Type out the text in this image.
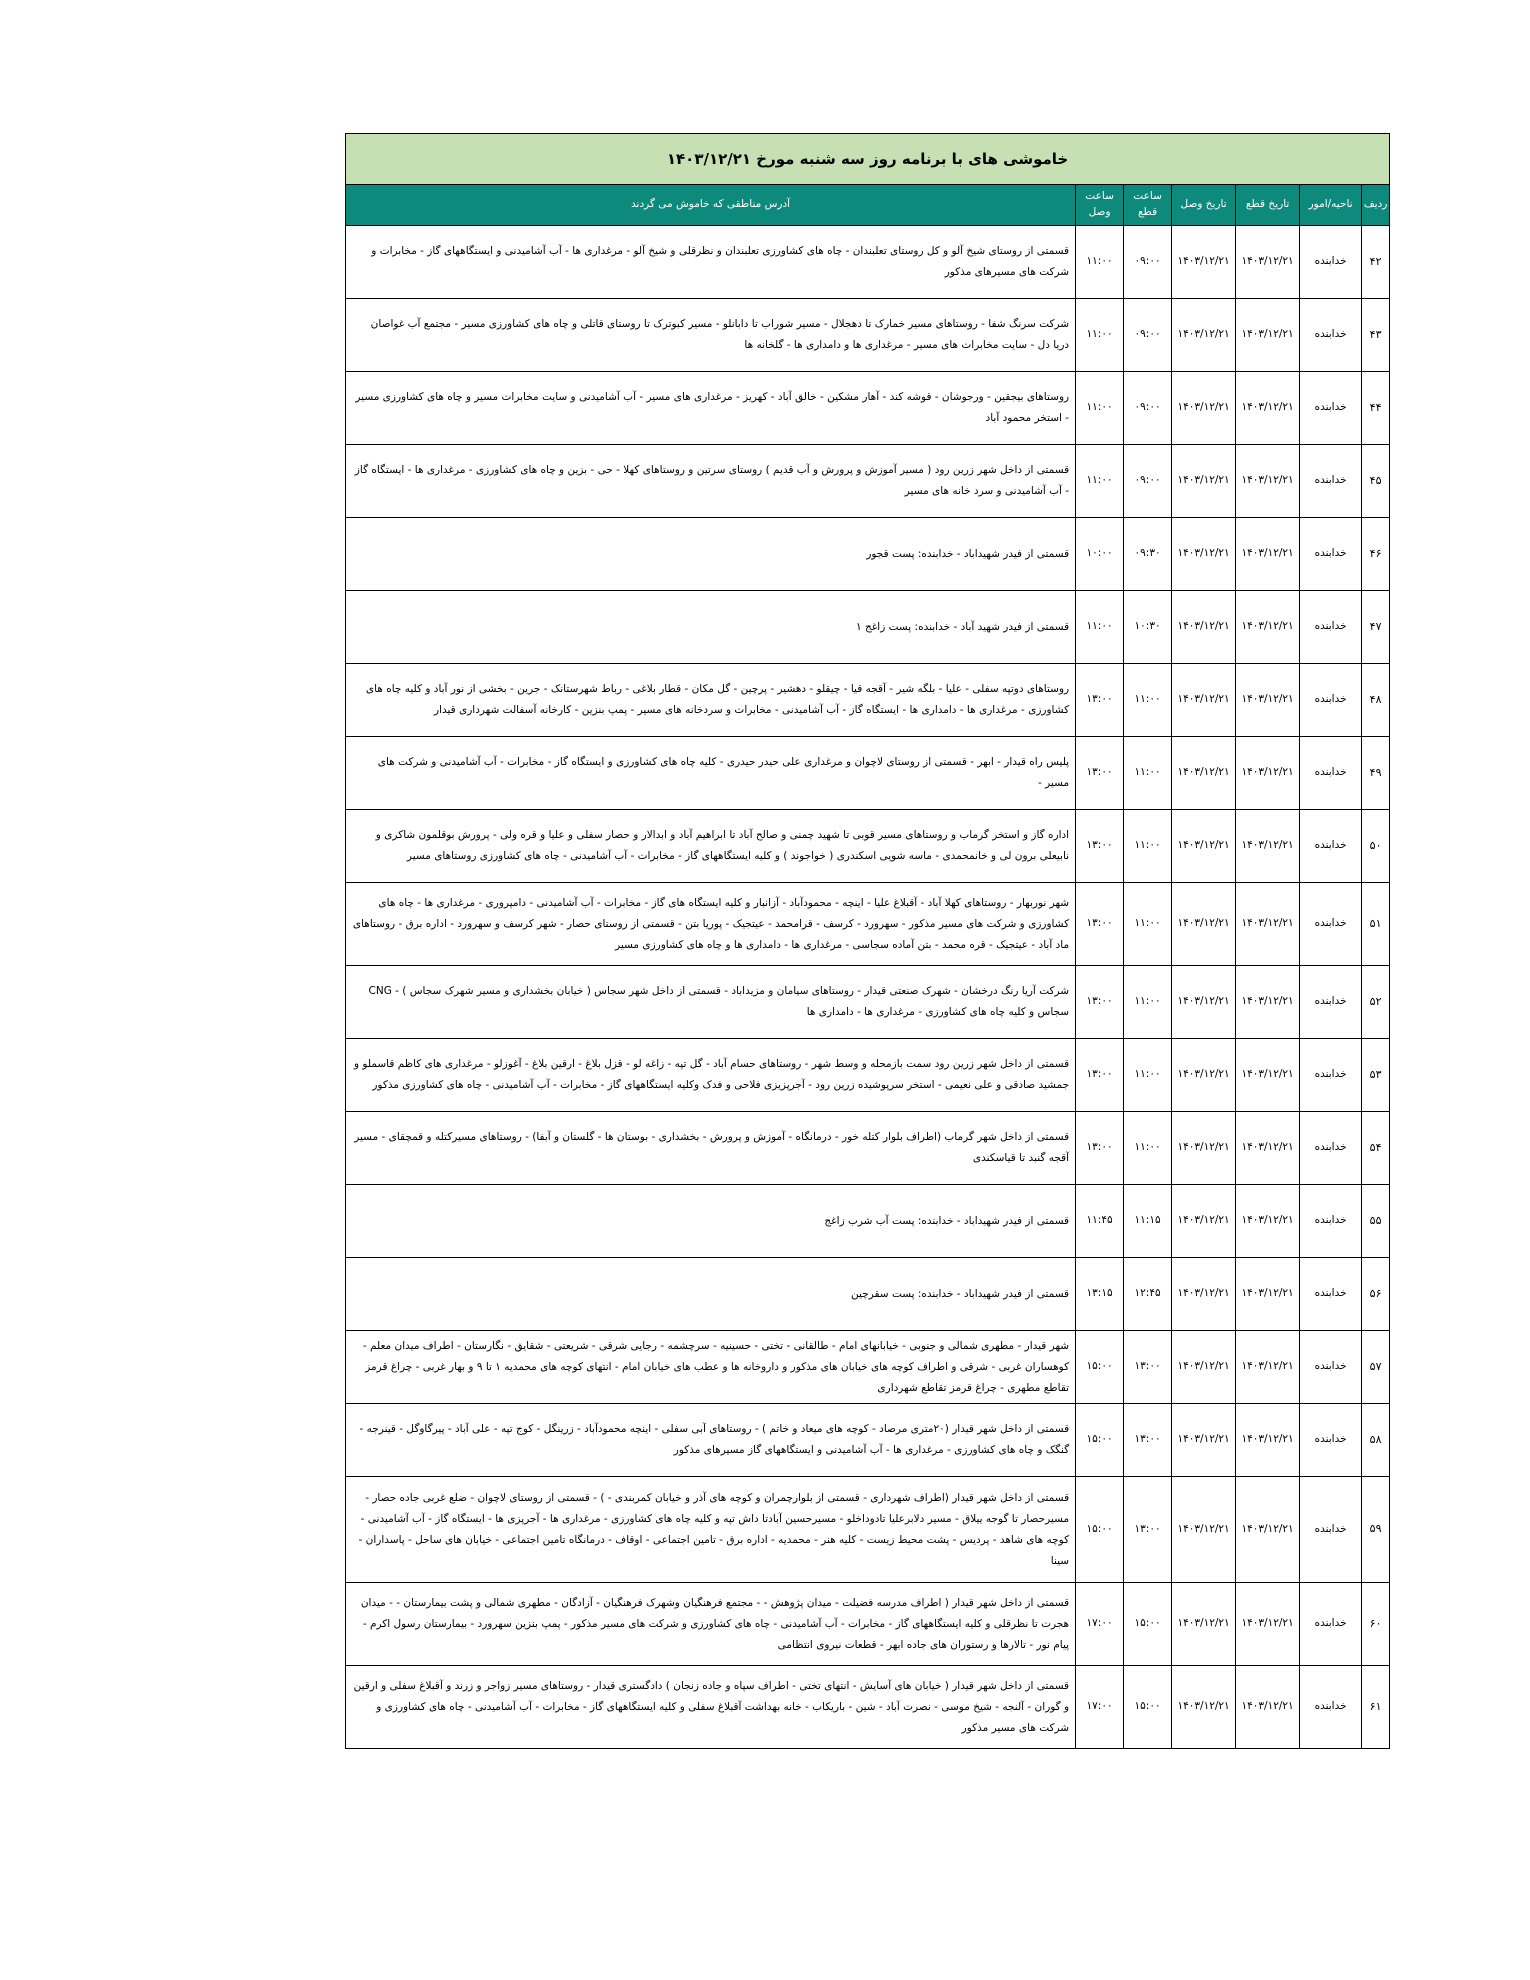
خاموشی های با برنامه روز سه شنبه مورخ ۱۴۰۳/۱۲/۲۱						
ردیف	ناحیه/امور	تاریخ قطع	تاریخ وصل	ساعت قطع	ساعت وصل	آدرس مناطقی که خاموش می گردند
۴۲	خدابنده	۱۴۰۳/۱۲/۲۱	۱۴۰۳/۱۲/۲۱	۰۹:۰۰	۱۱:۰۰	قسمتی از روستای شیخ آلو و کل روستای تعلبندان - چاه های کشاورزی تعلبندان و نظرقلی و شیخ آلو - مرغداری ها - آب آشامیدنی و ایستگاههای گاز - مخابرات و شرکت های مسیرهای مذکور
۴۳	خدابنده	۱۴۰۳/۱۲/۲۱	۱۴۰۳/۱۲/۲۱	۰۹:۰۰	۱۱:۰۰	شرکت سرنگ شفا - روستاهای مسیر خمارک تا دهجلال - مسیر شوراب تا دابانلو - مسیر کبوترک تا روستای قاتلی و چاه های کشاورزی مسیر - مجتمع آب غواصان دریا دل - سایت مخابرات های مسیر - مرغداری ها و دامداری ها - گلخانه ها
۴۴	خدابنده	۱۴۰۳/۱۲/۲۱	۱۴۰۳/۱۲/۲۱	۰۹:۰۰	۱۱:۰۰	روستاهای بیجقین - ورجوشان - قوشه کند - آهار مشکین - خالق آباد - کهریز - مرغداری های مسیر - آب آشامیدنی و سایت مخابرات مسیر و چاه های کشاورزی مسیر - استخر محمود آباد
۴۵	خدابنده	۱۴۰۳/۱۲/۲۱	۱۴۰۳/۱۲/۲۱	۰۹:۰۰	۱۱:۰۰	قسمتی از داخل شهر زرین رود ( مسیر آموزش و پرورش و آب قدیم ) روستای سرتین و روستاهای کهلا - حی - بزین و چاه های کشاورزی - مرغداری ها - ایستگاه گاز - آب آشامیدنی و سرد خانه های مسیر
۴۶	خدابنده	۱۴۰۳/۱۲/۲۱	۱۴۰۳/۱۲/۲۱	۰۹:۳۰	۱۰:۰۰	قسمتی از فیدر شهیداباد - خدابنده: پست قجور
۴۷	خدابنده	۱۴۰۳/۱۲/۲۱	۱۴۰۳/۱۲/۲۱	۱۰:۳۰	۱۱:۰۰	قسمتی از فیدر شهید آباد - خدابنده: پست زاغج ۱
۴۸	خدابنده	۱۴۰۳/۱۲/۲۱	۱۴۰۳/۱۲/۲۱	۱۱:۰۰	۱۳:۰۰	روستاهای دوتپه سفلی - علیا - بلگه شیر - آقجه قیا - چیقلو - دهشیر - پرچین - گل مکان - قطار بلاغی - رباط شهرستانک - جرین - بخشی از نور آباد و کلیه چاه های کشاورزی - مرغداری ها - دامداری ها - ایستگاه گاز - آب آشامیدنی - مخابرات و سردخانه های مسیر - پمپ بنزین - کارخانه آسفالت شهرداری قیدار
۴۹	خدابنده	۱۴۰۳/۱۲/۲۱	۱۴۰۳/۱۲/۲۱	۱۱:۰۰	۱۳:۰۰	پلیس راه قیدار - ابهر - قسمتی از روستای لاچوان و مرغداری علی حیدر حیدری - کلیه چاه های کشاورزی و ایستگاه گاز - مخابرات - آب آشامیدنی و شرکت های مسیر -
۵۰	خدابنده	۱۴۰۳/۱۲/۲۱	۱۴۰۳/۱۲/۲۱	۱۱:۰۰	۱۳:۰۰	اداره گاز و استخر گرماب و روستاهای مسیر قوبی تا شهید چمنی و صالح آباد تا ابراهیم آباد و ابدالار و حصار سفلی و علیا و قره ولی - پرورش بوقلمون شاکری و نابیعلی برون لی و خانمحمدی - ماسه شویی اسکندری ( خواجوند ) و کلیه ایستگاههای گاز - مخابرات - آب آشامیدنی - چاه های کشاورزی روستاهای مسیر
۵۱	خدابنده	۱۴۰۳/۱۲/۲۱	۱۴۰۳/۱۲/۲۱	۱۱:۰۰	۱۳:۰۰	شهر نوربهار - روستاهای کهلا آباد - آقبلاغ علیا - اینچه - محمودآباد - آزانبار و کلیه ایستگاه های گاز - مخابرات - آب آشامیدنی - دامپروری - مرغداری ها - چاه های کشاورزی و شرکت های مسیر مذکور - سهرورد - کرسف - قرامحمد - عیتجیک - پوریا بتن - قسمتی از روستای حصار - شهر کرسف و سهرورد - اداره برق - روستاهای ماد آباد - عیتجیک - قره محمد - بتن آماده سجاسی - مرغداری ها - دامداری ها و چاه های کشاورزی مسیر
۵۲	خدابنده	۱۴۰۳/۱۲/۲۱	۱۴۰۳/۱۲/۲۱	۱۱:۰۰	۱۳:۰۰	شرکت آریا رنگ درخشان - شهرک صنعتی قیدار - روستاهای سیامان و مزیداباد - قسمتی از داخل شهر سجاس ( خیابان بخشداری و مسیر شهرک سجاس ) - CNG سجاس و کلیه چاه های کشاورزی - مرغداری ها - دامداری ها
۵۳	خدابنده	۱۴۰۳/۱۲/۲۱	۱۴۰۳/۱۲/۲۱	۱۱:۰۰	۱۳:۰۰	قسمتی از داخل شهر زرین رود سمت بازمحله و وسط شهر - روستاهای حسام آباد - گل تپه - زاغه لو - قزل بلاغ - ارقین بلاغ - آغوزلو - مرغداری های کاظم قاسملو و جمشید صادقی و علی نعیمی - استخر سرپوشیده زرین رود - آجرپزیزی فلاحی و فدک وکلیه ایستگاههای گاز - مخابرات - آب آشامیدنی - چاه های کشاورزی مذکور
۵۴	خدابنده	۱۴۰۳/۱۲/۲۱	۱۴۰۳/۱۲/۲۱	۱۱:۰۰	۱۳:۰۰	قسمتی از داخل شهر گرماب (اطراف بلوار کتله خور - درمانگاه - آموزش و پرورش - بخشداری - بوستان ها - گلستان و آبفا) - روستاهای مسیرکتله و قمچقای - مسیر آقجه گنبد تا قیاسکندی
۵۵	خدابنده	۱۴۰۳/۱۲/۲۱	۱۴۰۳/۱۲/۲۱	۱۱:۱۵	۱۱:۴۵	قسمتی از فیدر شهیداباد - خدابنده: پست آب شرب زاغج
۵۶	خدابنده	۱۴۰۳/۱۲/۲۱	۱۴۰۳/۱۲/۲۱	۱۲:۴۵	۱۳:۱۵	قسمتی از فیدر شهیداباد - خدابنده: پست سقرچین
۵۷	خدابنده	۱۴۰۳/۱۲/۲۱	۱۴۰۳/۱۲/۲۱	۱۳:۰۰	۱۵:۰۰	شهر قیدار - مطهری شمالی و جنوبی - خیابانهای امام - طالقانی - تختی - حسینیه - سرچشمه - رجایی شرقی - شریعتی - شقایق - نگارستان - اطراف میدان معلم - کوهساران غربی - شرقی و اطراف کوچه های خیابان های مذکور و داروخانه ها و عطب های خیابان امام - انتهای کوچه های محمدیه ۱ تا ۹ و بهار غربی - چراغ قرمز تقاطع مطهری - چراغ قرمز تقاطع شهرداری
۵۸	خدابنده	۱۴۰۳/۱۲/۲۱	۱۴۰۳/۱۲/۲۱	۱۳:۰۰	۱۵:۰۰	قسمتی از داخل شهر قیدار (۲۰متری مرصاد - کوچه های میعاد و خاتم ) - روستاهای آبی سفلی - اینچه محمودآباد - زرینگل - کوج تپه - علی آباد - پیرگاوگل - قینرجه - گنگک و چاه های کشاورزی - مرغداری ها - آب آشامیدنی و ایستگاههای گاز مسیرهای مذکور
۵۹	خدابنده	۱۴۰۳/۱۲/۲۱	۱۴۰۳/۱۲/۲۱	۱۳:۰۰	۱۵:۰۰	قسمتی از داخل شهر قیدار (اطراف شهرداری - قسمتی از بلوارچمران و کوچه های آذر و خیابان کمربندی - ) - قسمتی از روستای لاچوان - ضلع غربی جاده حصار - مسیرحصار تا گوجه ییلاق - مسیر دلابرعلیا تادوداخلو - مسیرحسین آبادتا داش تپه و کلیه چاه های کشاورزی - مرغداری ها - آجرپزی ها - ایستگاه گاز - آب آشامیدنی - کوچه های شاهد - پردیس - پشت محیط زیست - کلیه هنر - محمدیه - اداره برق - تامین اجتماعی - اوقاف - درمانگاه تامین اجتماعی - خیابان های ساحل - پاسداران - سینا
۶۰	خدابنده	۱۴۰۳/۱۲/۲۱	۱۴۰۳/۱۲/۲۱	۱۵:۰۰	۱۷:۰۰	قسمتی از داخل شهر قیدار ( اطراف مدرسه فضیلت - میدان پژوهش - - مجتمع فرهنگیان وشهرک فرهنگیان - آزادگان - مطهری شمالی و پشت بیمارستان - - میدان هجرت تا نظرقلی و کلیه ایستگاههای گاز - مخابرات - آب آشامیدنی - چاه های کشاورزی و شرکت های مسیر مذکور - پمپ بنزین سهرورد - بیمارستان رسول اکرم - پیام نور - تالارها و رستوران های جاده ابهر - قطعات نیروی انتظامی
۶۱	خدابنده	۱۴۰۳/۱۲/۲۱	۱۴۰۳/۱۲/۲۱	۱۵:۰۰	۱۷:۰۰	قسمتی از داخل شهر قیدار ( خیابان های آسایش - انتهای تختی - اطراف سپاه و جاده زنجان ) دادگستری قیدار - روستاهای مسیر زواجر و زرند و آقبلاغ سفلی و ارقین و گوران - آلنجه - شیخ موسی - نصرت آباد - شین - باریکاب - خانه بهداشت آقبلاغ سفلی و کلیه ایستگاههای گاز - مخابرات - آب آشامیدنی - چاه های کشاورزی و شرکت های مسیر مذکور
